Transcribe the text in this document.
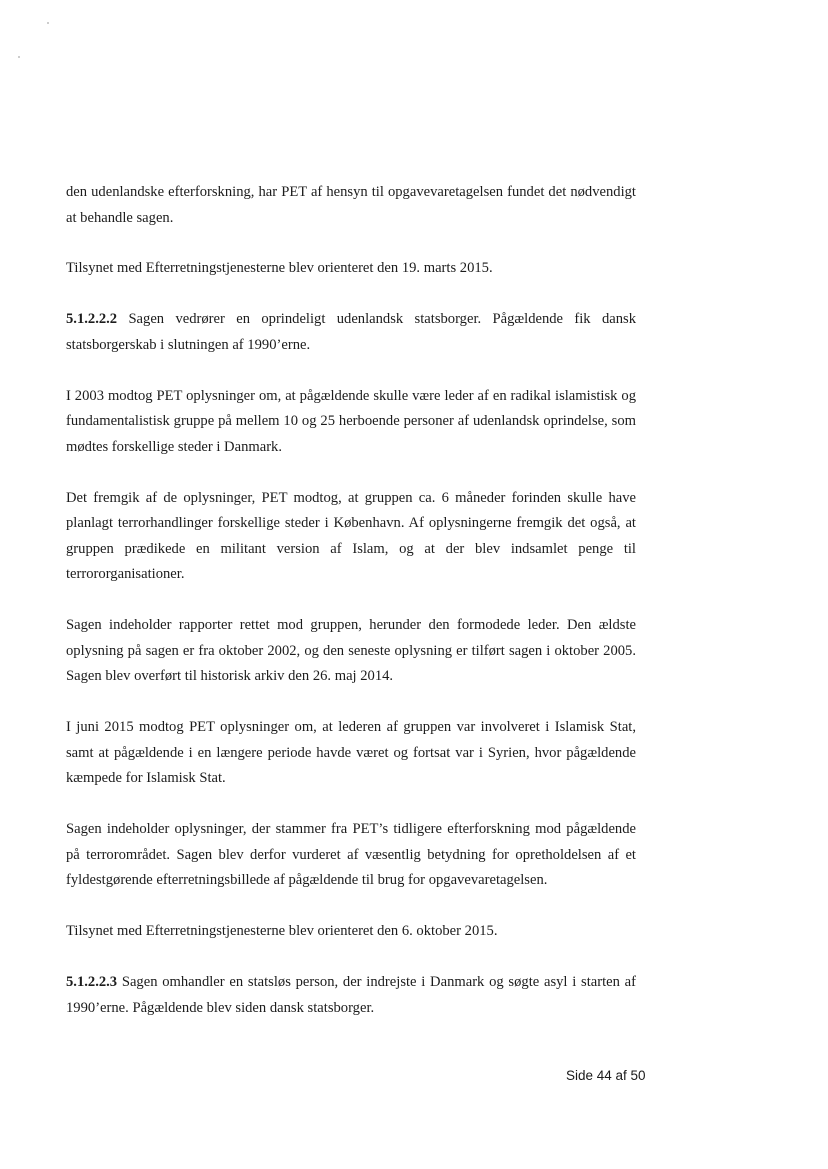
den udenlandske efterforskning, har PET af hensyn til opgavevaretagelsen fundet det nødvendigt at behandle sagen.

Tilsynet med Efterretningstjenesterne blev orienteret den 19. marts 2015.

5.1.2.2.2 Sagen vedrører en oprindeligt udenlandsk statsborger. Pågældende fik dansk statsborgerskab i slutningen af 1990’erne.

I 2003 modtog PET oplysninger om, at pågældende skulle være leder af en radikal islamistisk og fundamentalistisk gruppe på mellem 10 og 25 herboende personer af udenlandsk oprindelse, som mødtes forskellige steder i Danmark.

Det fremgik af de oplysninger, PET modtog, at gruppen ca. 6 måneder forinden skulle have planlagt terrorhandlinger forskellige steder i København. Af oplysningerne fremgik det også, at gruppen prædikede en militant version af Islam, og at der blev indsamlet penge til terrororganisationer.

Sagen indeholder rapporter rettet mod gruppen, herunder den formodede leder. Den ældste oplysning på sagen er fra oktober 2002, og den seneste oplysning er tilført sagen i oktober 2005. Sagen blev overført til historisk arkiv den 26. maj 2014.

I juni 2015 modtog PET oplysninger om, at lederen af gruppen var involveret i Islamisk Stat, samt at pågældende i en længere periode havde været og fortsat var i Syrien, hvor pågældende kæmpede for Islamisk Stat.

Sagen indeholder oplysninger, der stammer fra PET’s tidligere efterforskning mod pågældende på terrorområdet. Sagen blev derfor vurderet af væsentlig betydning for opretholdelsen af et fyldestgørende efterretningsbillede af pågældende til brug for opgavevaretagelsen.

Tilsynet med Efterretningstjenesterne blev orienteret den 6. oktober 2015.

5.1.2.2.3 Sagen omhandler en statsløs person, der indrejste i Danmark og søgte asyl i starten af 1990’erne. Pågældende blev siden dansk statsborger.

Side 44 af 50
